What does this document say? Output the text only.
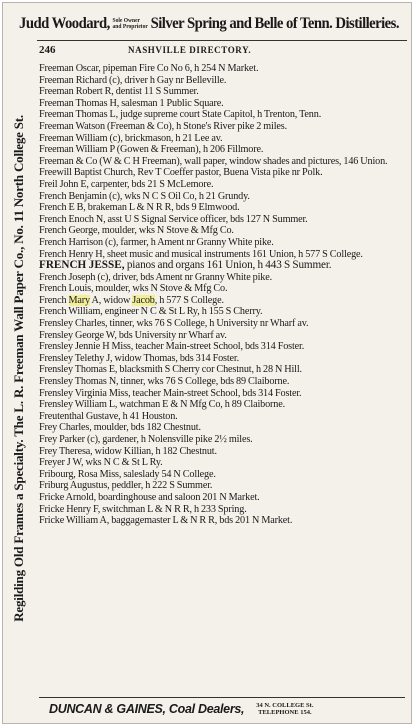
Judd Woodard, Sole Owner
and Proprietor Silver Spring and Belle of Tenn. Distilleries.
Regilding Old Frames a Specialty. The L. R. Freeman Wall Paper Co., No. 11 North College St.
246	NASHVILLE DIRECTORY.
Freeman Oscar, pipeman Fire Co No 6, h 254 N Market.
Freeman Richard (c), driver h Gay nr Belleville.
Freeman Robert R, dentist 11 S Summer.
Freeman Thomas H, salesman 1 Public Square.
Freeman Thomas L, judge supreme court State Capitol, h Trenton, Tenn.
Freeman Watson (Freeman & Co), h Stone's River pike 2 miles.
Freeman William (c), brickmason, h 21 Lee av.
Freeman William P (Gowen & Freeman), h 206 Fillmore.
Freeman & Co (W & C H Freeman), wall paper, window shades and pictures, 146 Union.
Freewill Baptist Church, Rev T Coeffer pastor, Buena Vista pike nr Polk.
Freil John E, carpenter, bds 21 S McLemore.
French Benjamin (c), wks N C S Oil Co, h 21 Grundy.
French E B, brakeman L & N R R, bds 9 Elmwood.
French Enoch N, asst U S Signal Service officer, bds 127 N Summer.
French George, moulder, wks N Stove & Mfg Co.
French Harrison (c), farmer, h Ament nr Granny White pike.
French Henry H, sheet music and musical instruments 161 Union, h 577 S College.
FRENCH JESSE, pianos and organs 161 Union, h 443 S Summer.
French Joseph (c), driver, bds Ament nr Granny White pike.
French Louis, moulder, wks N Stove & Mfg Co.
French Mary A, widow Jacob, h 577 S College.
French William, engineer N C & St L Ry, h 155 S Cherry.
Frensley Charles, tinner, wks 76 S College, h University nr Wharf av.
Frensley George W, bds University nr Wharf av.
Frensley Jennie H Miss, teacher Main-street School, bds 314 Foster.
Frensley Telethy J, widow Thomas, bds 314 Foster.
Frensley Thomas E, blacksmith S Cherry cor Chestnut, h 28 N Hill.
Frensley Thomas N, tinner, wks 76 S College, bds 89 Claiborne.
Frensley Virginia Miss, teacher Main-street School, bds 314 Foster.
Frensley William L, watchman E & N Mfg Co, h 89 Claiborne.
Freutenthal Gustave, h 41 Houston.
Frey Charles, moulder, bds 182 Chestnut.
Frey Parker (c), gardener, h Nolensville pike 2½ miles.
Frey Theresa, widow Killian, h 182 Chestnut.
Freyer J W, wks N C & St L Ry.
Fribourg, Rosa Miss, saleslady 54 N College.
Friburg Augustus, peddler, h 222 S Summer.
Fricke Arnold, boardinghouse and saloon 201 N Market.
Fricke Henry F, switchman L & N R R, h 233 Spring.
Fricke William A, baggagemaster L & N R R, bds 201 N Market.
DUNCAN & GAINES, Coal Dealers, 34 N. COLLEGE St.
TELEPHONE 154.
